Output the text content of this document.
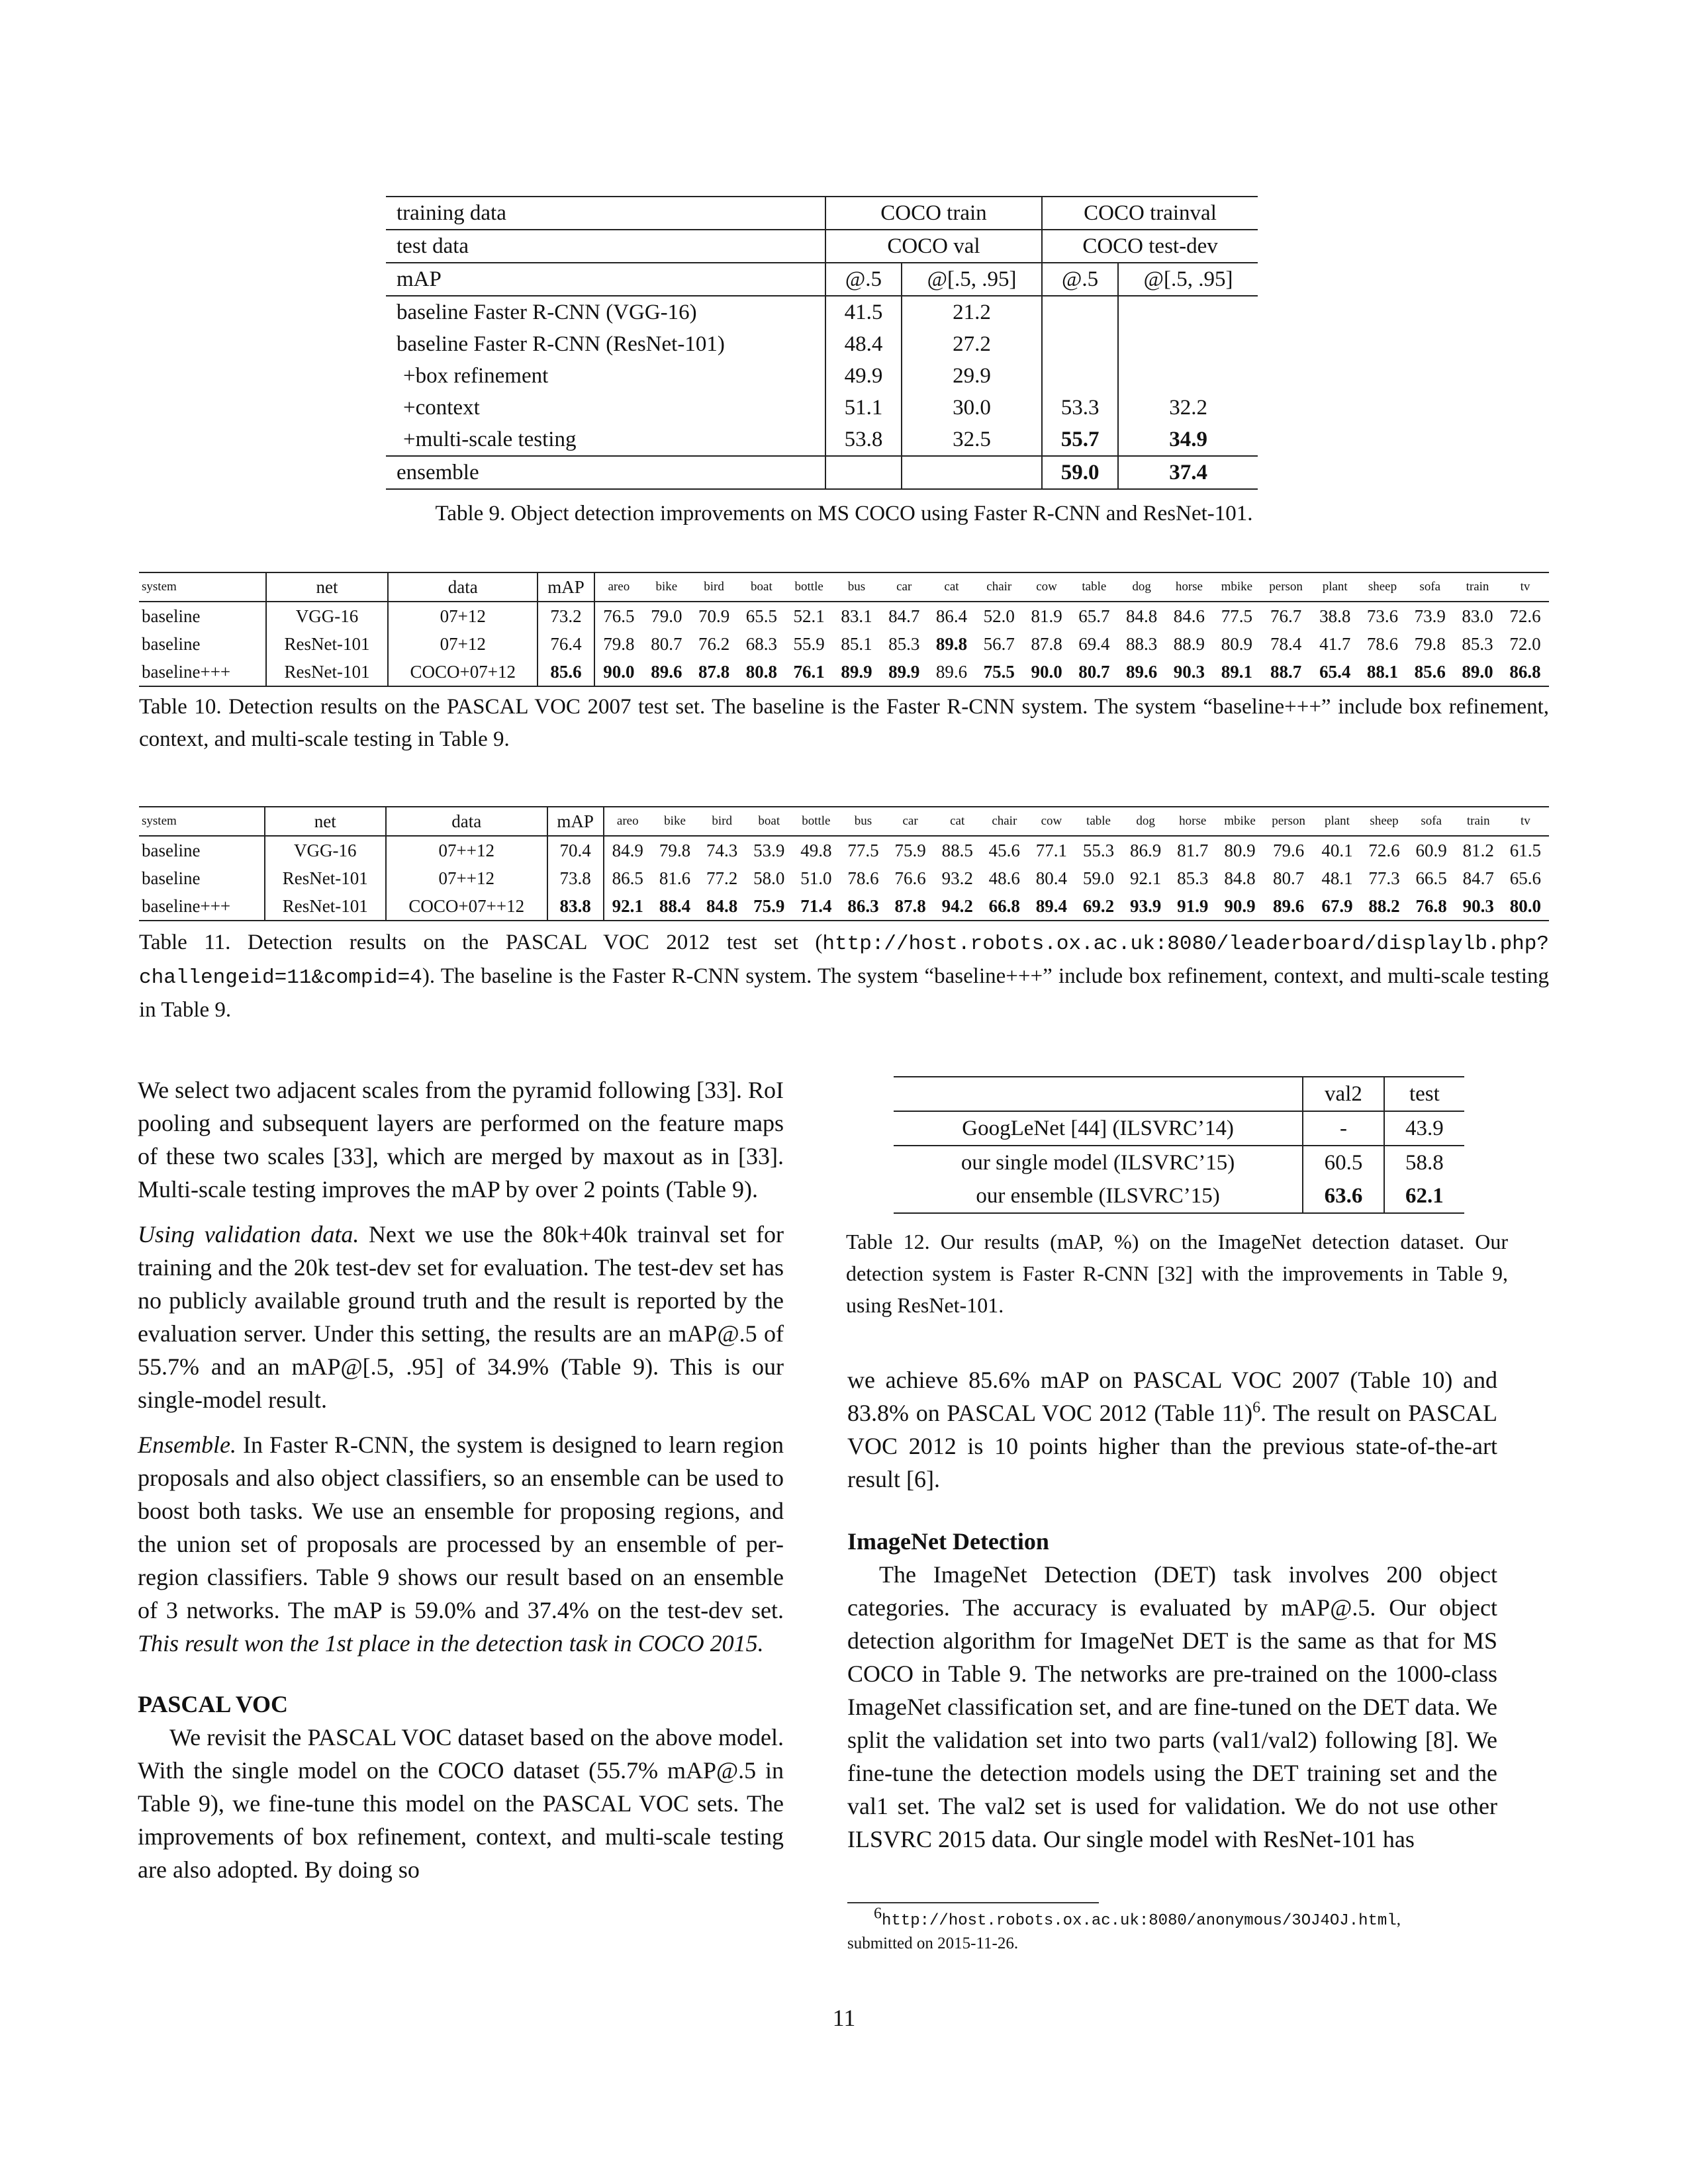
training data	COCO train		COCO trainval	
test data	COCO val		COCO test-dev	
mAP	@.5	@[.5, .95]	@.5	@[.5, .95]
baseline Faster R-CNN (VGG-16)	41.5	21.2		
baseline Faster R-CNN (ResNet-101)	48.4	27.2		
+box refinement	49.9	29.9		
+context	51.1	30.0	53.3	32.2
+multi-scale testing	53.8	32.5	55.7	34.9
ensemble			59.0	37.4
Table 9. Object detection improvements on MS COCO using Faster R-CNN and ResNet-101.
system	net	data	mAP	areo	bike	bird	boat	bottle	bus	car	cat	chair	cow	table	dog	horse	mbike	person	plant	sheep	sofa	train	tv
baseline	VGG-16	07+12	73.2	76.5	79.0	70.9	65.5	52.1	83.1	84.7	86.4	52.0	81.9	65.7	84.8	84.6	77.5	76.7	38.8	73.6	73.9	83.0	72.6
baseline	ResNet-101	07+12	76.4	79.8	80.7	76.2	68.3	55.9	85.1	85.3	89.8	56.7	87.8	69.4	88.3	88.9	80.9	78.4	41.7	78.6	79.8	85.3	72.0
baseline+++	ResNet-101	COCO+07+12	85.6	90.0	89.6	87.8	80.8	76.1	89.9	89.9	89.6	75.5	90.0	80.7	89.6	90.3	89.1	88.7	65.4	88.1	85.6	89.0	86.8
Table 10. Detection results on the PASCAL VOC 2007 test set. The baseline is the Faster R-CNN system. The system “baseline+++” include box refinement, context, and multi-scale testing in Table 9.
system	net	data	mAP	areo	bike	bird	boat	bottle	bus	car	cat	chair	cow	table	dog	horse	mbike	person	plant	sheep	sofa	train	tv
baseline	VGG-16	07++12	70.4	84.9	79.8	74.3	53.9	49.8	77.5	75.9	88.5	45.6	77.1	55.3	86.9	81.7	80.9	79.6	40.1	72.6	60.9	81.2	61.5
baseline	ResNet-101	07++12	73.8	86.5	81.6	77.2	58.0	51.0	78.6	76.6	93.2	48.6	80.4	59.0	92.1	85.3	84.8	80.7	48.1	77.3	66.5	84.7	65.6
baseline+++	ResNet-101	COCO+07++12	83.8	92.1	88.4	84.8	75.9	71.4	86.3	87.8	94.2	66.8	89.4	69.2	93.9	91.9	90.9	89.6	67.9	88.2	76.8	90.3	80.0
Table 11. Detection results on the PASCAL VOC 2012 test set (http://host.robots.ox.ac.uk:8080/leaderboard/displaylb.php?challengeid=11&compid=4). The baseline is the Faster R-CNN system. The system “baseline+++” include box refinement, context, and multi-scale testing in Table 9.
	val2	test
GoogLeNet [44] (ILSVRC’14)	-	43.9
our single model (ILSVRC’15)	60.5	58.8
our ensemble (ILSVRC’15)	63.6	62.1
Table 12. Our results (mAP, %) on the ImageNet detection dataset. Our detection system is Faster R-CNN [32] with the improvements in Table 9, using ResNet-101.

We select two adjacent scales from the pyramid following [33]. RoI pooling and subsequent layers are performed on the feature maps of these two scales [33], which are merged by maxout as in [33]. Multi-scale testing improves the mAP by over 2 points (Table 9).

Using validation data. Next we use the 80k+40k trainval set for training and the 20k test-dev set for evaluation. The test-dev set has no publicly available ground truth and the result is reported by the evaluation server. Under this setting, the results are an mAP@.5 of 55.7% and an mAP@[.5, .95] of 34.9% (Table 9). This is our single-model result.

Ensemble. In Faster R-CNN, the system is designed to learn region proposals and also object classifiers, so an ensemble can be used to boost both tasks. We use an ensemble for proposing regions, and the union set of proposals are processed by an ensemble of per-region classifiers. Table 9 shows our result based on an ensemble of 3 networks. The mAP is 59.0% and 37.4% on the test-dev set. This result won the 1st place in the detection task in COCO 2015.

PASCAL VOC

We revisit the PASCAL VOC dataset based on the above model. With the single model on the COCO dataset (55.7% mAP@.5 in Table 9), we fine-tune this model on the PASCAL VOC sets. The improvements of box refinement, context, and multi-scale testing are also adopted. By doing so

we achieve 85.6% mAP on PASCAL VOC 2007 (Table 10) and 83.8% on PASCAL VOC 2012 (Table 11)$^6$. The result on PASCAL VOC 2012 is 10 points higher than the previous state-of-the-art result [6].

ImageNet Detection

The ImageNet Detection (DET) task involves 200 object categories. The accuracy is evaluated by mAP@.5. Our object detection algorithm for ImageNet DET is the same as that for MS COCO in Table 9. The networks are pre-trained on the 1000-class ImageNet classification set, and are fine-tuned on the DET data. We split the validation set into two parts (val1/val2) following [8]. We fine-tune the detection models using the DET training set and the val1 set. The val2 set is used for validation. We do not use other ILSVRC 2015 data. Our single model with ResNet-101 has

$^6$http://host.robots.ox.ac.uk:8080/anonymous/3OJ4OJ.html,
submitted on 2015-11-26.
11
